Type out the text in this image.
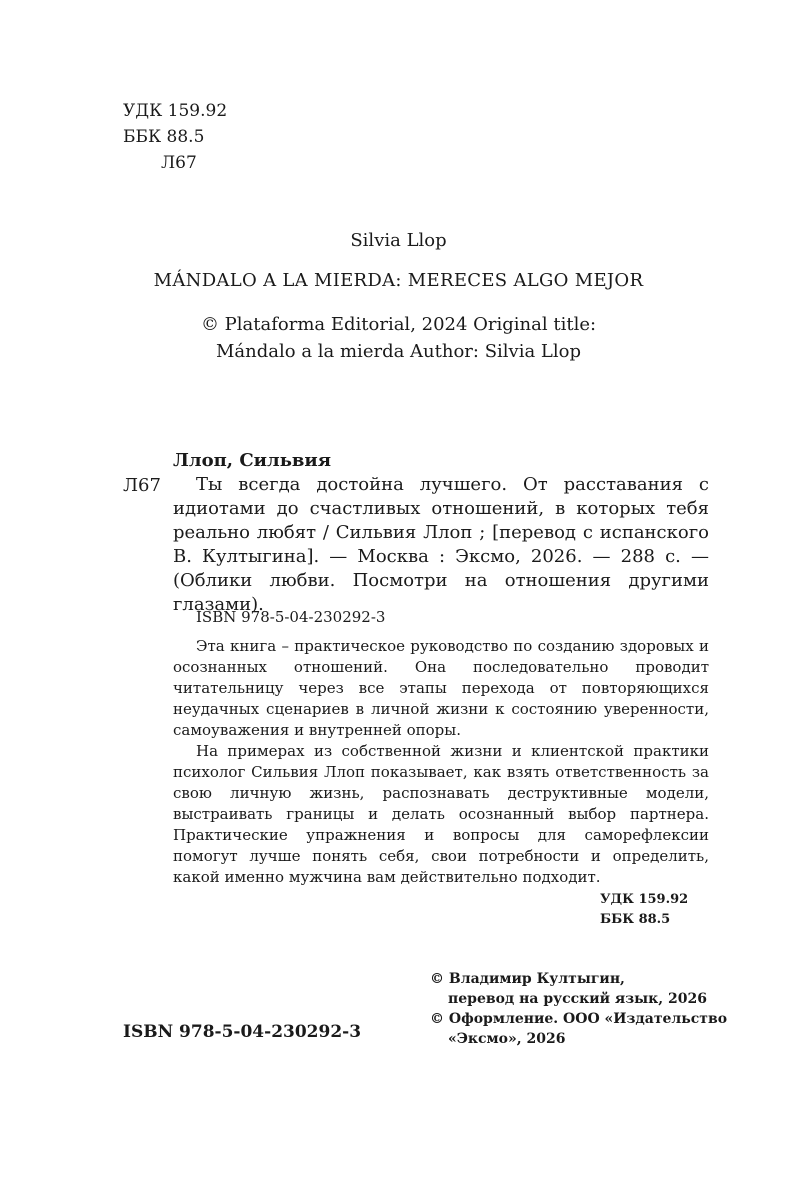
УДК 159.92
ББК 88.5
Л67
Silvia Llop
MÁNDALO A LA MIERDA: MERECES ALGO MEJOR
© Plataforma Editorial, 2024 Original title:
Mándalo a la mierda Author: Silvia Llop
Ллоп, Сильвия
Л67	Ты всегда достойна лучшего. От расставания с идиотами до счастливых отношений, в которых тебя реально любят / Сильвия Ллоп ; [перевод с испанского В. Култыгина]. — Москва : Эксмо, 2026. — 288 с. — (Облики любви. Посмотри на отношения другими глазами).
ISBN 978-5-04-230292-3

Эта книга – практическое руководство по созданию здоровых и осознанных отношений. Она последовательно проводит читательницу через все этапы перехода от повторяющихся неудачных сценариев в личной жизни к состоянию уверенности, самоуважения и внутренней опоры.

На примерах из собственной жизни и клиентской практики психолог Сильвия Ллоп показывает, как взять ответственность за свою личную жизнь, распознавать деструктивные модели, выстраивать границы и делать осознанный выбор партнера. Практические упражнения и вопросы для саморефлексии помогут лучше понять себя, свои потребности и определить, какой именно мужчина вам действительно подходит.

УДК 159.92
ББК 88.5
© Владимир Култыгин,
перевод на русский язык, 2026
© Оформление. ООО «Издательство
«Эксмо», 2026
ISBN 978-5-04-230292-3
